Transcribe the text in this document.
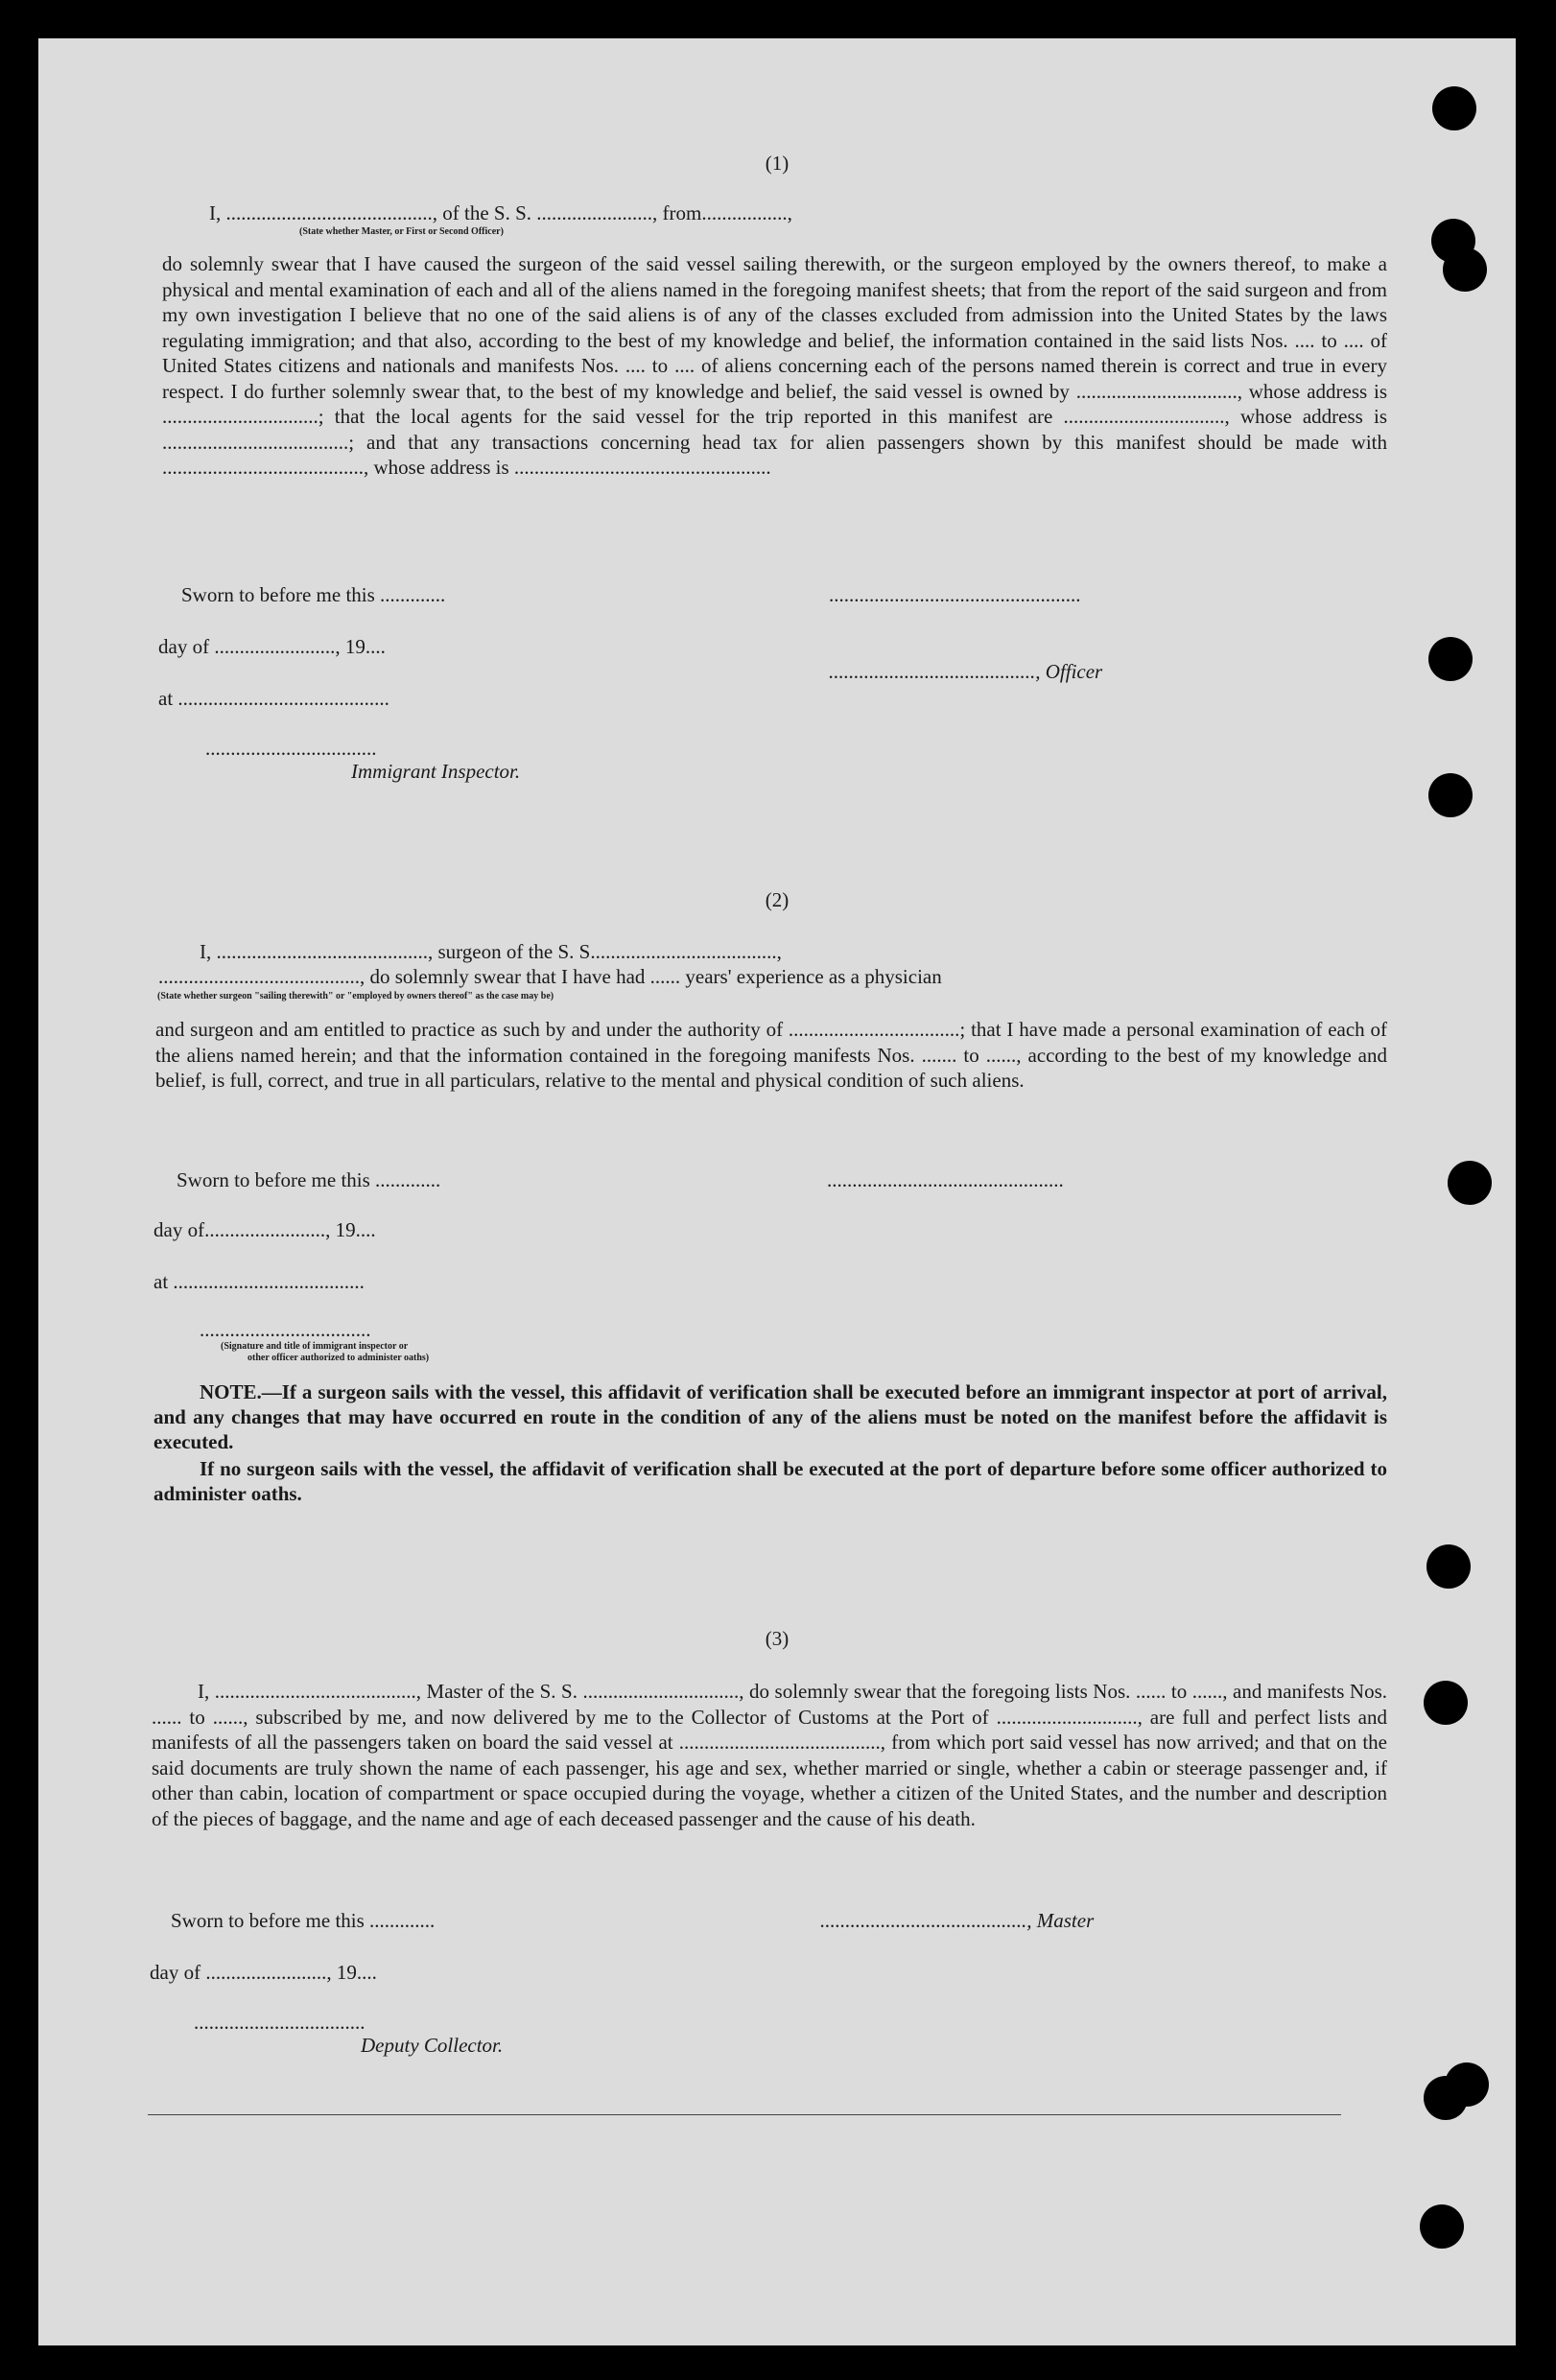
(1)
I, ........................................., of the S. S. ......................., from.................,
(State whether Master, or First or Second Officer)
do solemnly swear that I have caused the surgeon of the said vessel sailing therewith, or the surgeon employed by the owners thereof, to make a physical and mental examination of each and all of the aliens named in the foregoing manifest sheets; that from the report of the said surgeon and from my own investigation I believe that no one of the said aliens is of any of the classes excluded from admission into the United States by the laws regulating immigration; and that also, according to the best of my knowledge and belief, the information contained in the said lists Nos. .... to .... of United States citizens and nationals and manifests Nos. .... to .... of aliens concerning each of the persons named therein is correct and true in every respect. I do further solemnly swear that, to the best of my knowledge and belief, the said vessel is owned by ................................, whose address is ...............................; that the local agents for the said vessel for the trip reported in this manifest are ................................, whose address is .....................................; and that any transactions concerning head tax for alien passengers shown by this manifest should be made with ........................................, whose address is ...................................................
Sworn to before me this .............	..................................................
day of ........................, 19....
........................................., Officer
at ..........................................
..................................
Immigrant Inspector.
(2)
I, .........................................., surgeon of the S. S.....................................,
........................................, do solemnly swear that I have had ...... years' experience as a physician
(State whether surgeon "sailing therewith" or "employed by owners thereof" as the case may be)
and surgeon and am entitled to practice as such by and under the authority of ..................................; that I have made a personal examination of each of the aliens named herein; and that the information contained in the foregoing manifests Nos. ....... to ......, according to the best of my knowledge and belief, is full, correct, and true in all particulars, relative to the mental and physical condition of such aliens.
Sworn to before me this .............	...............................................
day of........................, 19....
at ......................................
..................................
(Signature and title of immigrant inspector or
other officer authorized to administer oaths)
NOTE.—If a surgeon sails with the vessel, this affidavit of verification shall be executed before an immigrant inspector at port of arrival, and any changes that may have occurred en route in the condition of any of the aliens must be noted on the manifest before the affidavit is executed.
If no surgeon sails with the vessel, the affidavit of verification shall be executed at the port of departure before some officer authorized to administer oaths.
(3)
I, ........................................, Master of the S. S. ..............................., do solemnly swear that the foregoing lists Nos. ...... to ......, and manifests Nos. ...... to ......, subscribed by me, and now delivered by me to the Collector of Customs at the Port of ............................, are full and perfect lists and manifests of all the passengers taken on board the said vessel at ........................................, from which port said vessel has now arrived; and that on the said documents are truly shown the name of each passenger, his age and sex, whether married or single, whether a cabin or steerage passenger and, if other than cabin, location of compartment or space occupied during the voyage, whether a citizen of the United States, and the number and description of the pieces of baggage, and the name and age of each deceased passenger and the cause of his death.
Sworn to before me this .............	........................................., Master
day of ........................, 19....
..................................
Deputy Collector.
